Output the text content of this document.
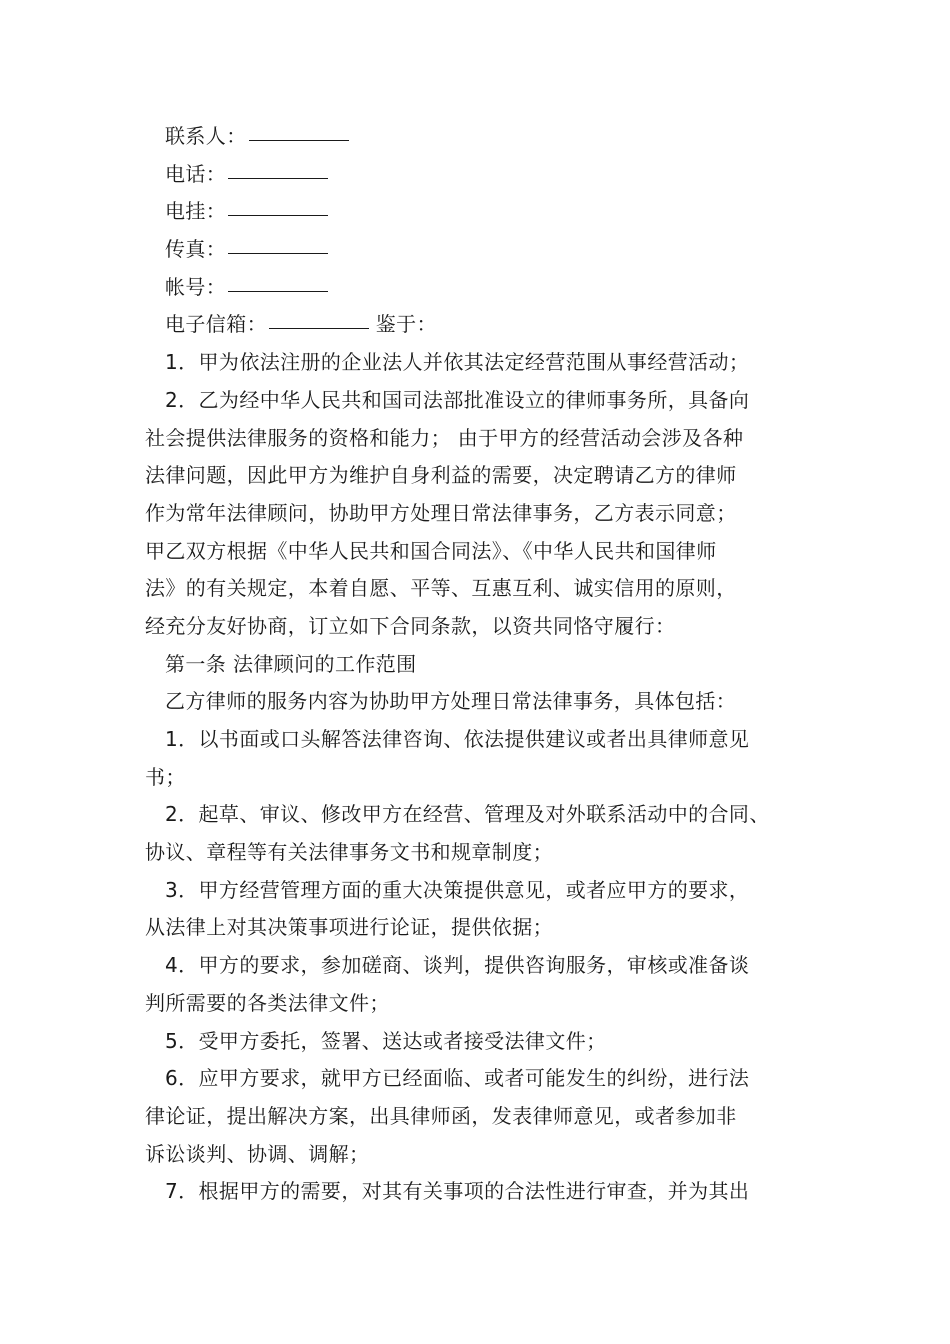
联系人：
电话：
电挂：
传真：
帐号：
电子信箱：	鉴于：
1．甲为依法注册的企业法人并依其法定经营范围从事经营活动；
2．乙为经中华人民共和国司法部批准设立的律师事务所，具备向
社会提供法律服务的资格和能力； 由于甲方的经营活动会涉及各种
法律问题，因此甲方为维护自身利益的需要，决定聘请乙方的律师
作为常年法律顾问，协助甲方处理日常法律事务，乙方表示同意；
甲乙双方根据《中华人民共和国合同法》、《中华人民共和国律师
法》的有关规定，本着自愿、平等、互惠互利、诚实信用的原则，
经充分友好协商，订立如下合同条款，以资共同恪守履行：
第一条 法律顾问的工作范围
乙方律师的服务内容为协助甲方处理日常法律事务，具体包括：
1．以书面或口头解答法律咨询、依法提供建议或者出具律师意见
书；
2．起草、审议、修改甲方在经营、管理及对外联系活动中的合同、
协议、章程等有关法律事务文书和规章制度；
3．甲方经营管理方面的重大决策提供意见，或者应甲方的要求，
从法律上对其决策事项进行论证，提供依据；
4．甲方的要求，参加磋商、谈判，提供咨询服务，审核或准备谈
判所需要的各类法律文件；
5．受甲方委托，签署、送达或者接受法律文件；
6．应甲方要求，就甲方已经面临、或者可能发生的纠纷，进行法
律论证，提出解决方案，出具律师函，发表律师意见，或者参加非
诉讼谈判、协调、调解；
7．根据甲方的需要，对其有关事项的合法性进行审查，并为其出
